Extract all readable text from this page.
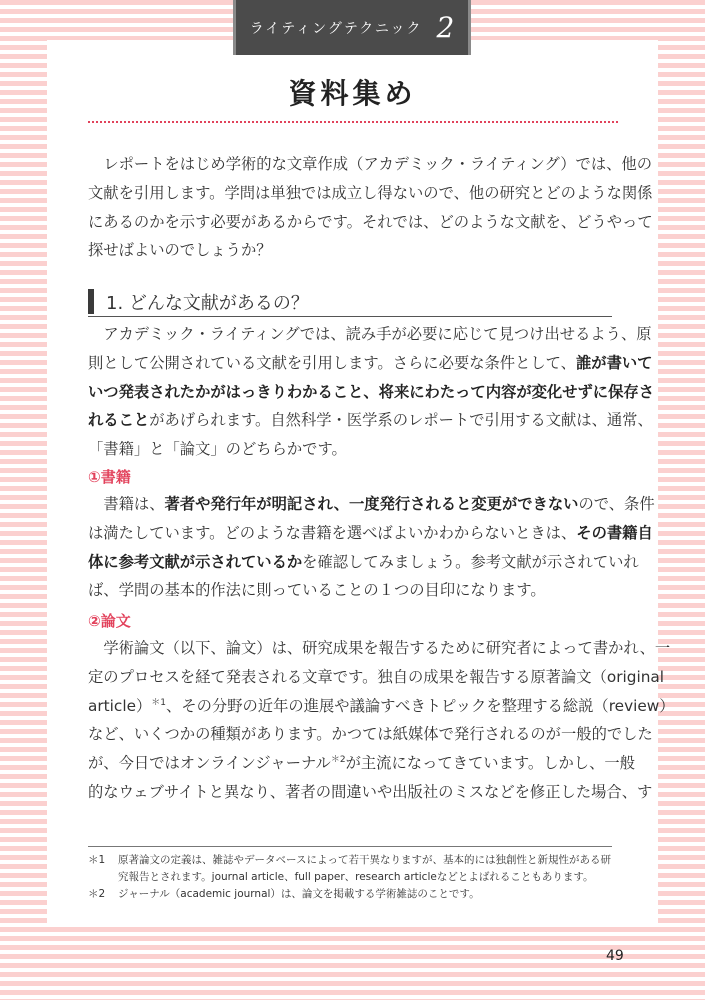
ライティングテクニック 2
資料集め
レポートをはじめ学術的な文章作成（アカデミック・ライティング）では、他の
文献を引用します。学問は単独では成立し得ないので、他の研究とどのような関係
にあるのかを示す必要があるからです。それでは、どのような文献を、どうやって
探せばよいのでしょうか？
1. どんな文献があるの？
アカデミック・ライティングでは、読み手が必要に応じて見つけ出せるよう、原
則として公開されている文献を引用します。さらに必要な条件として、誰が書いて
いつ発表されたかがはっきりわかること、将来にわたって内容が変化せずに保存さ
れることがあげられます。自然科学・医学系のレポートで引用する文献は、通常、
「書籍」と「論文」のどちらかです。
①書籍
書籍は、著者や発行年が明記され、一度発行されると変更ができないので、条件
は満たしています。どのような書籍を選べばよいかわからないときは、その書籍自
体に参考文献が示されているかを確認してみましょう。参考文献が示されていれ
ば、学問の基本的作法に則っていることの１つの目印になります。
②論文
学術論文（以下、論文）は、研究成果を報告するために研究者によって書かれ、一
定のプロセスを経て発表される文章です。独自の成果を報告する原著論文（original
article）$^{*1}$、その分野の近年の進展や議論すべきトピックを整理する総説（review）
など、いくつかの種類があります。かつては紙媒体で発行されるのが一般的でした
が、今日ではオンラインジャーナル$^{*2}$が主流になってきています。しかし、一般
的なウェブサイトと異なり、著者の間違いや出版社のミスなどを修正した場合、す
＊1	原著論文の定義は、雑誌やデータベースによって若干異なりますが、基本的には独創性と新規性がある研究報告とされます。journal article、full paper、research articleなどとよばれることもあります。
＊2	ジャーナル（academic journal）は、論文を掲載する学術雑誌のことです。
49
